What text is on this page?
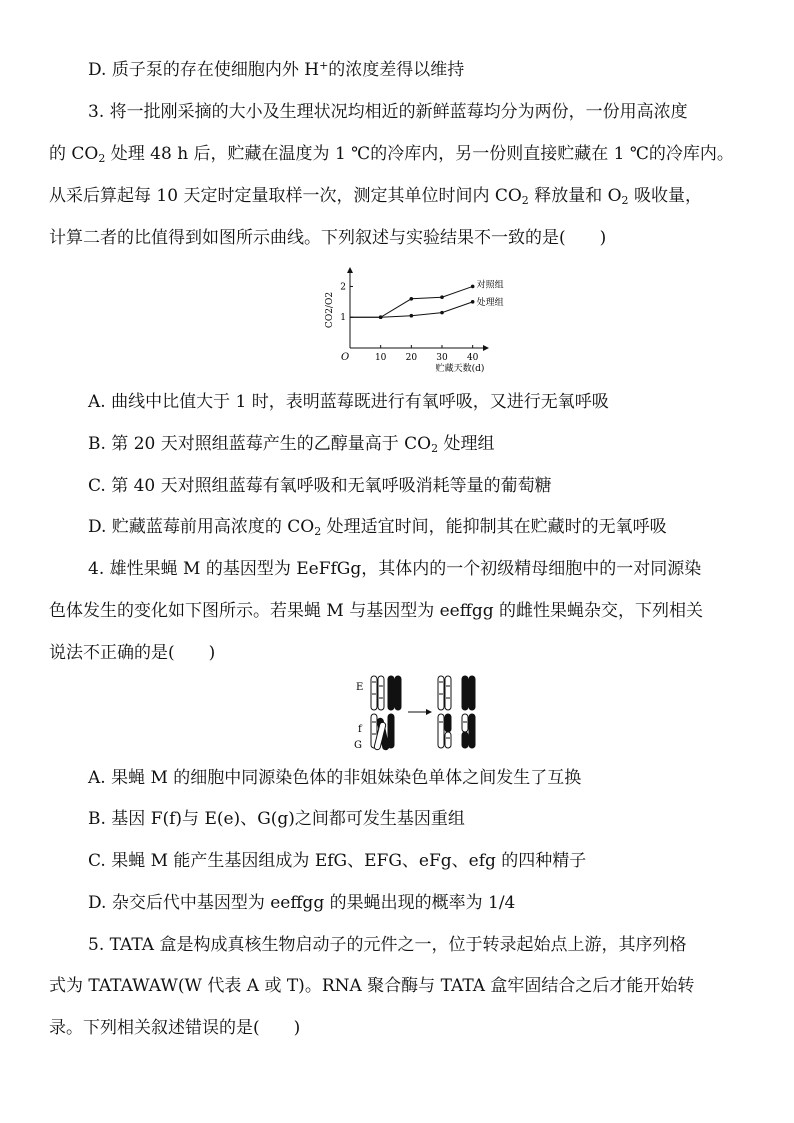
D. 质子泵的存在使细胞内外 H+的浓度差得以维持
3. 将一批刚采摘的大小及生理状况均相近的新鲜蓝莓均分为两份，一份用高浓度
的 $CO_2$ 处理 48 h 后，贮藏在温度为 1 ℃的冷库内，另一份则直接贮藏在 1 ℃的冷库内。
从采后算起每 10 天定时定量取样一次，测定其单位时间内 $CO_2$ 释放量和 $O_2$ 吸收量，
计算二者的比值得到如图所示曲线。下列叙述与实验结果不一致的是(　　)
O	10 20 30 40
1
2
CO2/O2
贮藏天数(d)
对照组
处理组
A. 曲线中比值大于 1 时，表明蓝莓既进行有氧呼吸，又进行无氧呼吸
B. 第 20 天对照组蓝莓产生的乙醇量高于 $CO_2$ 处理组
C. 第 40 天对照组蓝莓有氧呼吸和无氧呼吸消耗等量的葡萄糖
D. 贮藏蓝莓前用高浓度的 $CO_2$ 处理适宜时间，能抑制其在贮藏时的无氧呼吸
4. 雄性果蝇 M 的基因型为 EeFfGg，其体内的一个初级精母细胞中的一对同源染
色体发生的变化如下图所示。若果蝇 M 与基因型为 eeffgg 的雌性果蝇杂交，下列相关
说法不正确的是(　　)
E
f
G
A. 果蝇 M 的细胞中同源染色体的非姐妹染色单体之间发生了互换
B. 基因 F(f)与 E(e)、G(g)之间都可发生基因重组
C. 果蝇 M 能产生基因组成为 EfG、EFG、eFg、efg 的四种精子
D. 杂交后代中基因型为 eeffgg 的果蝇出现的概率为 1/4
5. TATA 盒是构成真核生物启动子的元件之一，位于转录起始点上游，其序列格
式为 TATAWAW(W 代表 A 或 T)。RNA 聚合酶与 TATA 盒牢固结合之后才能开始转
录。下列相关叙述错误的是(　　)
